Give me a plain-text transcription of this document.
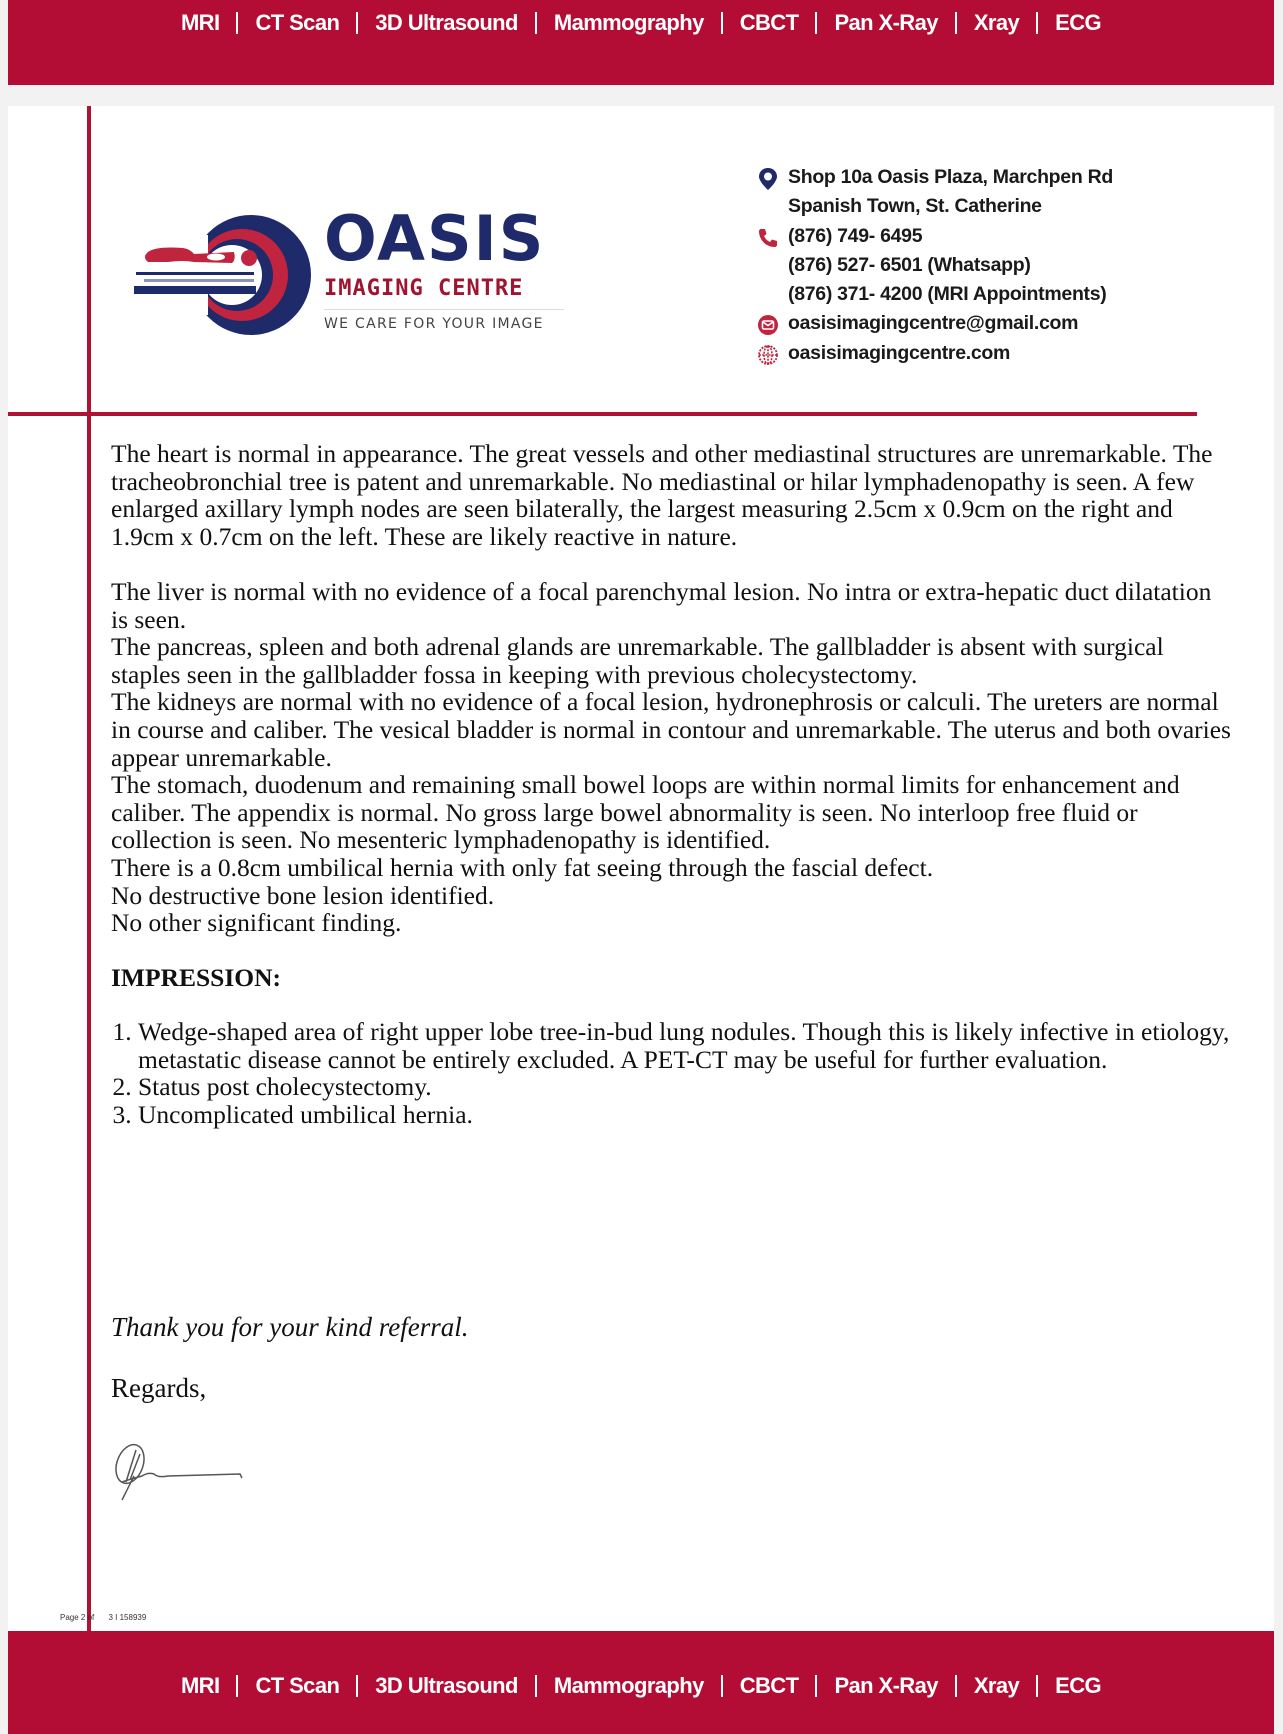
MRI CT Scan 3D Ultrasound Mammography CBCT Pan X-Ray Xray ECG
OASIS
IMAGING CENTRE
WE CARE FOR YOUR IMAGE
Shop 10a Oasis Plaza, Marchpen Rd
Spanish Town, St. Catherine
(876) 749- 6495
(876) 527- 6501 (Whatsapp)
(876) 371- 4200 (MRI Appointments)
oasisimagingcentre@gmail.com
oasisimagingcentre.com

The heart is normal in appearance. The great vessels and other mediastinal structures are unremarkable. The tracheobronchial tree is patent and unremarkable. No mediastinal or hilar lymphadenopathy is seen. A few enlarged axillary lymph nodes are seen bilaterally, the largest measuring 2.5cm x 0.9cm on the right and 1.9cm x 0.7cm on the left. These are likely reactive in nature.

The liver is normal with no evidence of a focal parenchymal lesion. No intra or extra-hepatic duct dilatation is seen.

The pancreas, spleen and both adrenal glands are unremarkable. The gallbladder is absent with surgical staples seen in the gallbladder fossa in keeping with previous cholecystectomy.

The kidneys are normal with no evidence of a focal lesion, hydronephrosis or calculi. The ureters are normal in course and caliber. The vesical bladder is normal in contour and unremarkable. The uterus and both ovaries appear unremarkable.

The stomach, duodenum and remaining small bowel loops are within normal limits for enhancement and caliber. The appendix is normal. No gross large bowel abnormality is seen. No interloop free fluid or collection is seen. No mesenteric lymphadenopathy is identified.

There is a 0.8cm umbilical hernia with only fat seeing through the fascial defect.

No destructive bone lesion identified.

No other significant finding.

IMPRESSION:

1. Wedge-shaped area of right upper lobe tree-in-bud lung nodules. Though this is likely infective in etiology, metastatic disease cannot be entirely excluded. A PET-CT may be useful for further evaluation.
2. Status post cholecystectomy.
3. Uncomplicated umbilical hernia.
Thank you for your kind referral.
Regards,
Page 2 of 3 I 158939
MRI CT Scan 3D Ultrasound Mammography CBCT Pan X-Ray Xray ECG
